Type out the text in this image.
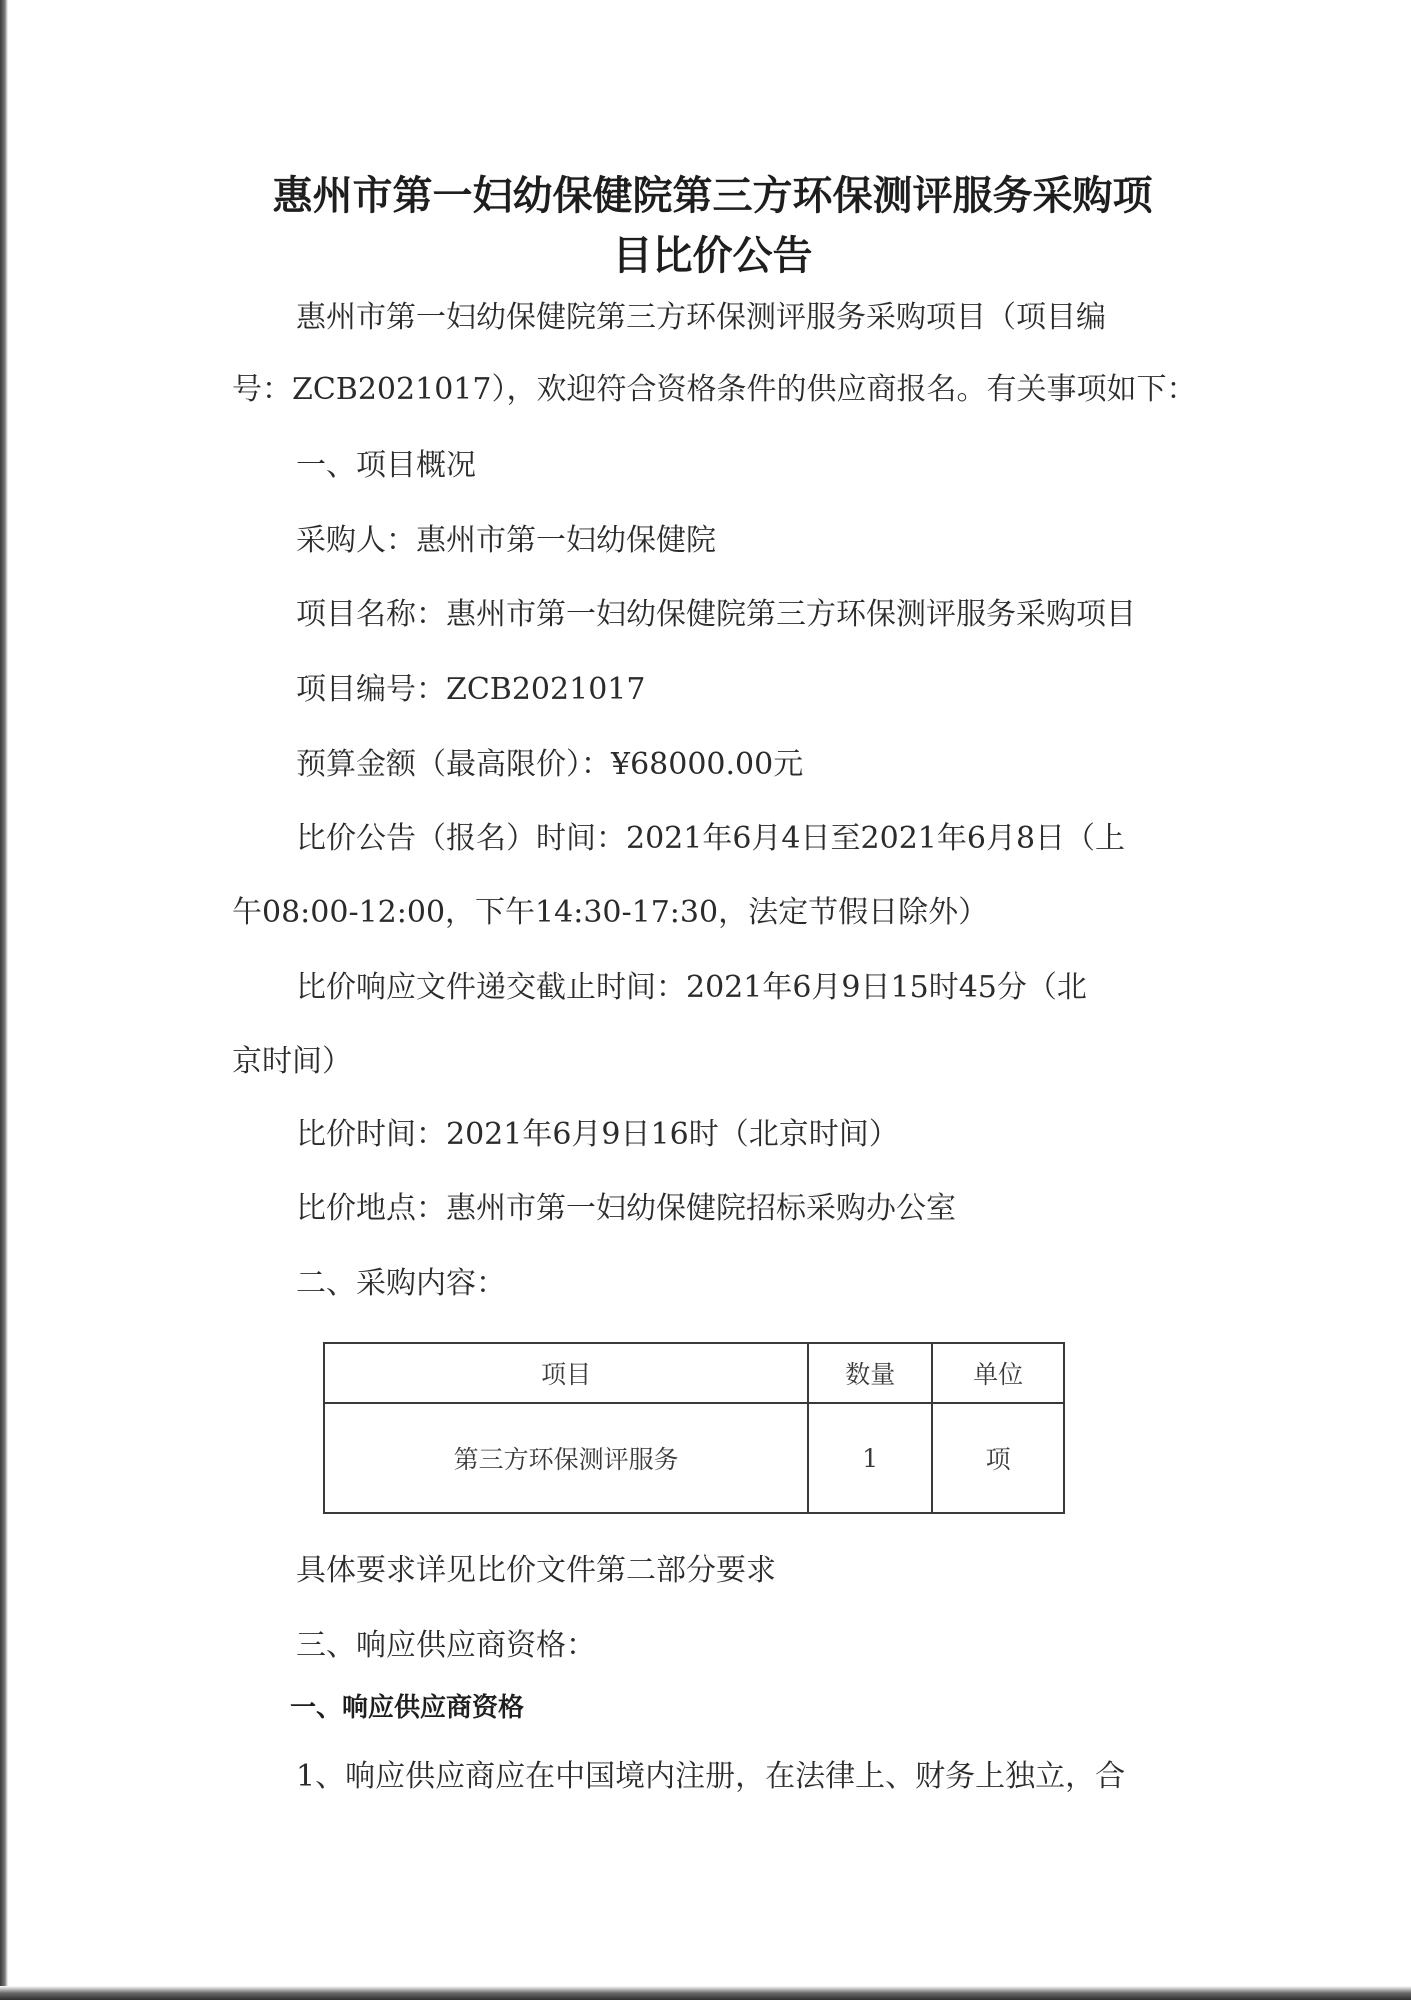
惠州市第一妇幼保健院第三方环保测评服务采购项
目比价公告
惠州市第一妇幼保健院第三方环保测评服务采购项目（项目编
号：ZCB2021017），欢迎符合资格条件的供应商报名。有关事项如下：
一、项目概况
采购人：惠州市第一妇幼保健院
项目名称：惠州市第一妇幼保健院第三方环保测评服务采购项目
项目编号：ZCB2021017
预算金额（最高限价）：¥68000.00元
比价公告（报名）时间：2021年6月4日至2021年6月8日（上
午08:00-12:00，下午14:30-17:30，法定节假日除外）
比价响应文件递交截止时间：2021年6月9日15时45分（北
京时间）
比价时间：2021年6月9日16时（北京时间）
比价地点：惠州市第一妇幼保健院招标采购办公室
二、采购内容：
项目	数量	单位
第三方环保测评服务	1	项
具体要求详见比价文件第二部分要求
三、响应供应商资格：
一、响应供应商资格
1、响应供应商应在中国境内注册，在法律上、财务上独立，合
